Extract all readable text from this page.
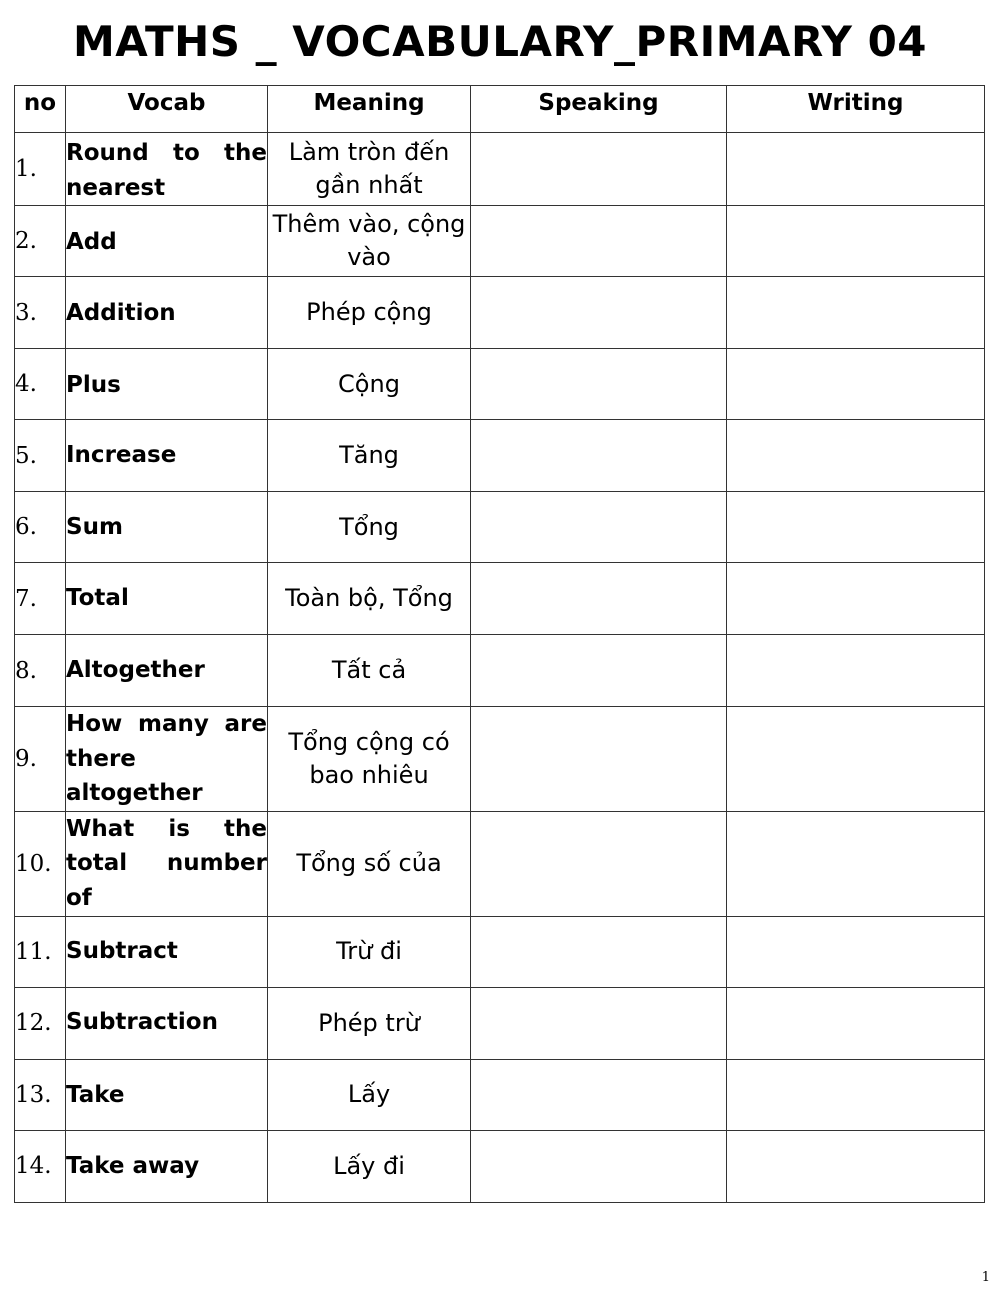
MATHS _ VOCABULARY_PRIMARY 04
no	Vocab	Meaning	Speaking	Writing
1.	Round to the nearest	Làm tròn đến gần nhất		
2.	Add	Thêm vào, cộng vào		
3.	Addition	Phép cộng		
4.	Plus	Cộng		
5.	Increase	Tăng		
6.	Sum	Tổng		
7.	Total	Toàn bộ, Tổng		
8.	Altogether	Tất cả		
9.	How many are there altogether	Tổng cộng có bao nhiêu		
10.	What is the total number of	Tổng số của		
11.	Subtract	Trừ đi		
12.	Subtraction	Phép trừ		
13.	Take	Lấy		
14.	Take away	Lấy đi		
1
